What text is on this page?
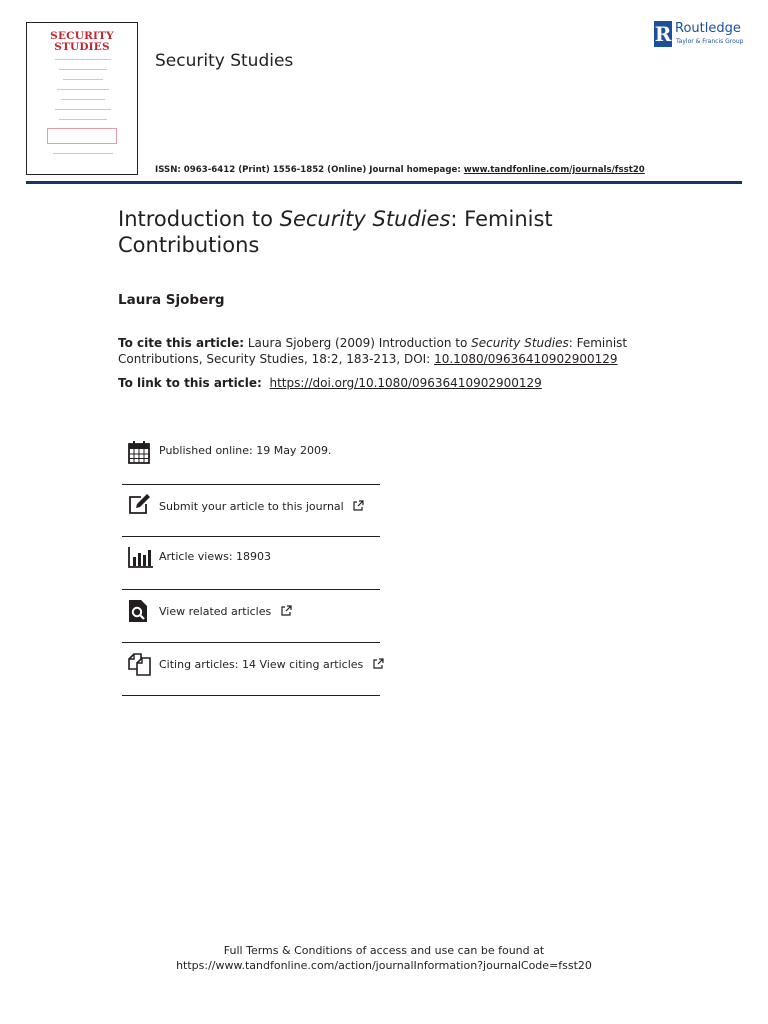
SECURITY
STUDIES
Security Studies
ISSN: 0963-6412 (Print) 1556-1852 (Online) Journal homepage: www.tandfonline.com/journals/fsst20
R Routledge
Taylor & Francis Group
Introduction to Security Studies: Feminist Contributions
Laura Sjoberg
To cite this article: Laura Sjoberg (2009) Introduction to Security Studies: Feminist Contributions, Security Studies, 18:2, 183-213, DOI: 10.1080/09636410902900129
To link to this article: https://doi.org/10.1080/09636410902900129
Published online: 19 May 2009.
Submit your article to this journal
Article views: 18903
View related articles
Citing articles: 14 View citing articles
Full Terms & Conditions of access and use can be found at
https://www.tandfonline.com/action/journalInformation?journalCode=fsst20
